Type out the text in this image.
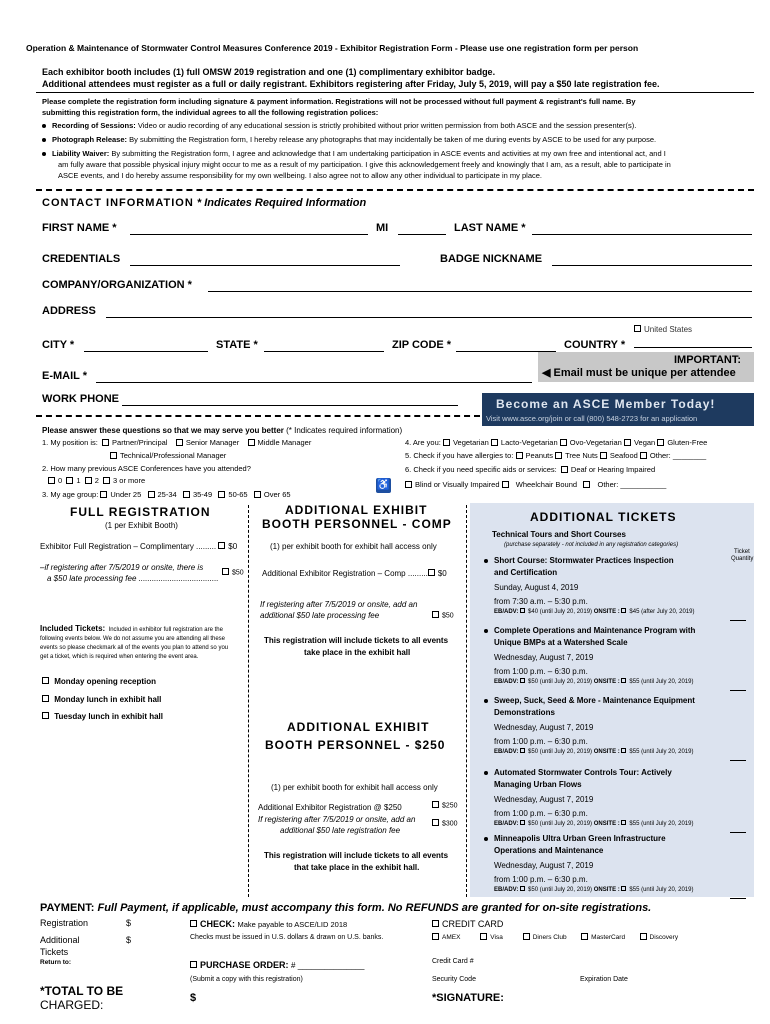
Operation & Maintenance of Stormwater Control Measures Conference 2019 - Exhibitor Registration Form - Please use one registration form per person
Each exhibitor booth includes (1) full OMSW 2019 registration and one (1) complimentary exhibitor badge.
Additional attendees must register as a full or daily registrant. Exhibitors registering after Friday, July 5, 2019, will pay a $50 late registration fee.
Please complete the registration form including signature & payment information. Registrations will not be processed without full payment & registrant's full name. By
submitting this registration form, the individual agrees to all the following registration polices:
Recording of Sessions: Video or audio recording of any educational session is strictly prohibited without prior written permission from both ASCE and the session presenter(s).
Photograph Release: By submitting the Registration form, I hereby release any photographs that may incidentally be taken of me during events by ASCE to be used for any purpose.
Liability Waiver: By submitting the Registration form, I agree and acknowledge that I am undertaking participation in ASCE events and activities at my own free and intentional act, and I
am fully aware that possible physical injury might occur to me as a result of my participation. I give this acknowledgement freely and knowingly that I am, as a result, able to participate in
ASCE events, and I do hereby assume responsibility for my own wellbeing. I also agree not to allow any other individual to participate in my place.
CONTACT INFORMATION * Indicates Required Information
FIRST NAME *	MI	LAST NAME *
CREDENTIALS	BADGE NICKNAME
COMPANY/ORGANIZATION *
ADDRESS
United States
CITY *	STATE *	ZIP CODE *	COUNTRY *
IMPORTANT:
◀ Email must be unique per attendee
E-MAIL *
WORK PHONE	Become an ASCE Member Today!
Visit www.asce.org/join or call (800) 548-2723 for an application
Please answer these questions so that we may serve you better (* Indicates required information)
1. My position is: Partner/Principal Senior Manager Middle Manager
Technical/Professional Manager
2. How many previous ASCE Conferences have you attended?
0 1 2 3 or more
3. My age group: Under 25 25-34 35-49 50-65 Over 65
4. Are you: Vegetarian Lacto-Vegetarian Ovo-Vegetarian Vegan Gluten-Free
5. Check if you have allergies to: Peanuts Tree Nuts Seafood Other: ________
6. Check if you need specific aids or services: Deaf or Hearing Impaired
♿	Blind or Visually Impaired Wheelchair Bound	Other: ___________
FULL REGISTRATION
(1 per Exhibit Booth)
Exhibitor Full Registration – Complimentary ......... $0
–if registering after 7/5/2019 or onsite, there is
a $50 late processing fee ....................................
$50
Included Tickets: Included in exhibitor full registration are the
following events below. We do not assume you are attending all these
events so please checkmark all of the events you plan to attend so you
get a ticket, which is required when entering the event area.
Monday opening reception
Monday lunch in exhibit hall
Tuesday lunch in exhibit hall
ADDITIONAL EXHIBIT
BOOTH PERSONNEL - COMP
(1) per exhibit booth for exhibit hall access only
Additional Exhibitor Registration – Comp ......... $0
If registering after 7/5/2019 or onsite, add an
additional $50 late processing fee	$50
This registration will include tickets to all events
take place in the exhibit hall
ADDITIONAL EXHIBIT
BOOTH PERSONNEL - $250
(1) per exhibit booth for exhibit hall access only
Additional Exhibitor Registration @ $250	$250
If registering after 7/5/2019 or onsite, add an
additional $50 late registration fee
$300
This registration will include tickets to all events
that take place in the exhibit hall.
ADDITIONAL TICKETS
Technical Tours and Short Courses
(purchase separately - not included in any registration categories)
Ticket
Quantity
Short Course: Stormwater Practices Inspection
and Certification
Sunday, August 4, 2019
from 7:30 a.m. – 5:30 p.m.
EB/ADV: $40 (until July 20, 2019) ONSITE : $45 (after July 20, 2019)
Complete Operations and Maintenance Program with
Unique BMPs at a Watershed Scale
Wednesday, August 7, 2019
from 1:00 p.m. – 6:30 p.m.
EB/ADV: $50 (until July 20, 2019) ONSITE : $55 (until July 20, 2019)
Sweep, Suck, Seed & More - Maintenance Equipment
Demonstrations
Wednesday, August 7, 2019
from 1:00 p.m. – 6:30 p.m.
EB/ADV: $50 (until July 20, 2019) ONSITE : $55 (until July 20, 2019)
Automated Stormwater Controls Tour: Actively
Managing Urban Flows
Wednesday, August 7, 2019
from 1:00 p.m. – 6:30 p.m.
EB/ADV: $50 (until July 20, 2019) ONSITE : $55 (until July 20, 2019)
Minneapolis Ultra Urban Green Infrastructure
Operations and Maintenance
Wednesday, August 7, 2019
from 1:00 p.m. – 6:30 p.m.
EB/ADV: $50 (until July 20, 2019) ONSITE : $55 (until July 20, 2019)
PAYMENT: Full Payment, if applicable, must accompany this form. No REFUNDS are granted for on-site registrations.
Registration	$
Additional
Tickets
$
Return to:
CHECK: Make payable to ASCE/LID 2018
Checks must be issued in U.S. dollars & drawn on U.S. banks.
CREDIT CARD
AMEX	Visa	Diners Club	MasterCard	Discovery
PURCHASE ORDER: # _______________
(Submit a copy with this registration)
Credit Card #
Security Code	Expiration Date
*TOTAL TO BE
CHARGED:	$	*SIGNATURE:
